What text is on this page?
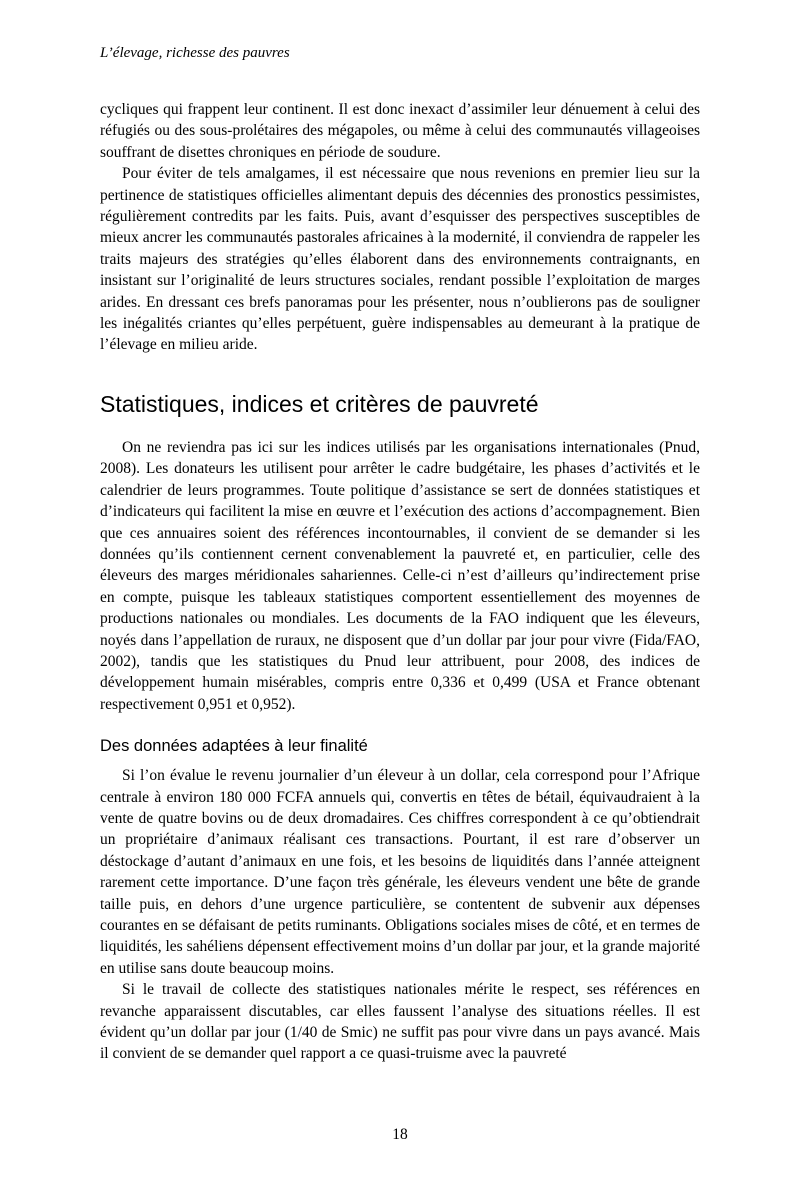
L’élevage, richesse des pauvres

cycliques qui frappent leur continent. Il est donc inexact d’assimiler leur dénuement à celui des réfugiés ou des sous-prolétaires des mégapoles, ou même à celui des communautés villageoises souffrant de disettes chroniques en période de soudure.

Pour éviter de tels amalgames, il est nécessaire que nous revenions en premier lieu sur la pertinence de statistiques officielles alimentant depuis des décennies des pronostics pessimistes, régulièrement contredits par les faits. Puis, avant d’esquisser des perspectives susceptibles de mieux ancrer les communautés pastorales africaines à la modernité, il conviendra de rappeler les traits majeurs des stratégies qu’elles élaborent dans des environnements contraignants, en insistant sur l’originalité de leurs structures sociales, rendant possible l’exploitation de marges arides. En dressant ces brefs panoramas pour les présenter, nous n’oublierons pas de souligner les inégalités criantes qu’elles perpétuent, guère indispensables au demeurant à la pratique de l’élevage en milieu aride.

Statistiques, indices et critères de pauvreté

On ne reviendra pas ici sur les indices utilisés par les organisations internationales (Pnud, 2008). Les donateurs les utilisent pour arrêter le cadre budgétaire, les phases d’activités et le calendrier de leurs programmes. Toute politique d’assistance se sert de données statistiques et d’indicateurs qui facilitent la mise en œuvre et l’exécution des actions d’accompagnement. Bien que ces annuaires soient des références incontournables, il convient de se demander si les données qu’ils contiennent cernent convenablement la pauvreté et, en particulier, celle des éleveurs des marges méridionales sahariennes. Celle-ci n’est d’ailleurs qu’indirectement prise en compte, puisque les tableaux statistiques comportent essentiellement des moyennes de productions nationales ou mondiales. Les documents de la FAO indiquent que les éleveurs, noyés dans l’appellation de ruraux, ne disposent que d’un dollar par jour pour vivre (Fida/FAO, 2002), tandis que les statistiques du Pnud leur attribuent, pour 2008, des indices de développement humain misérables, compris entre 0,336 et 0,499 (USA et France obtenant respectivement 0,951 et 0,952).

Des données adaptées à leur finalité

Si l’on évalue le revenu journalier d’un éleveur à un dollar, cela correspond pour l’Afrique centrale à environ 180 000 FCFA annuels qui, convertis en têtes de bétail, équivaudraient à la vente de quatre bovins ou de deux dromadaires. Ces chiffres correspondent à ce qu’obtiendrait un propriétaire d’animaux réalisant ces transactions. Pourtant, il est rare d’observer un déstockage d’autant d’animaux en une fois, et les besoins de liquidités dans l’année atteignent rarement cette importance. D’une façon très générale, les éleveurs vendent une bête de grande taille puis, en dehors d’une urgence particulière, se contentent de subvenir aux dépenses courantes en se défaisant de petits ruminants. Obligations sociales mises de côté, et en termes de liquidités, les sahéliens dépensent effectivement moins d’un dollar par jour, et la grande majorité en utilise sans doute beaucoup moins.

Si le travail de collecte des statistiques nationales mérite le respect, ses références en revanche apparaissent discutables, car elles faussent l’analyse des situations réelles. Il est évident qu’un dollar par jour (1/40 de Smic) ne suffit pas pour vivre dans un pays avancé. Mais il convient de se demander quel rapport a ce quasi-truisme avec la pauvreté

18
